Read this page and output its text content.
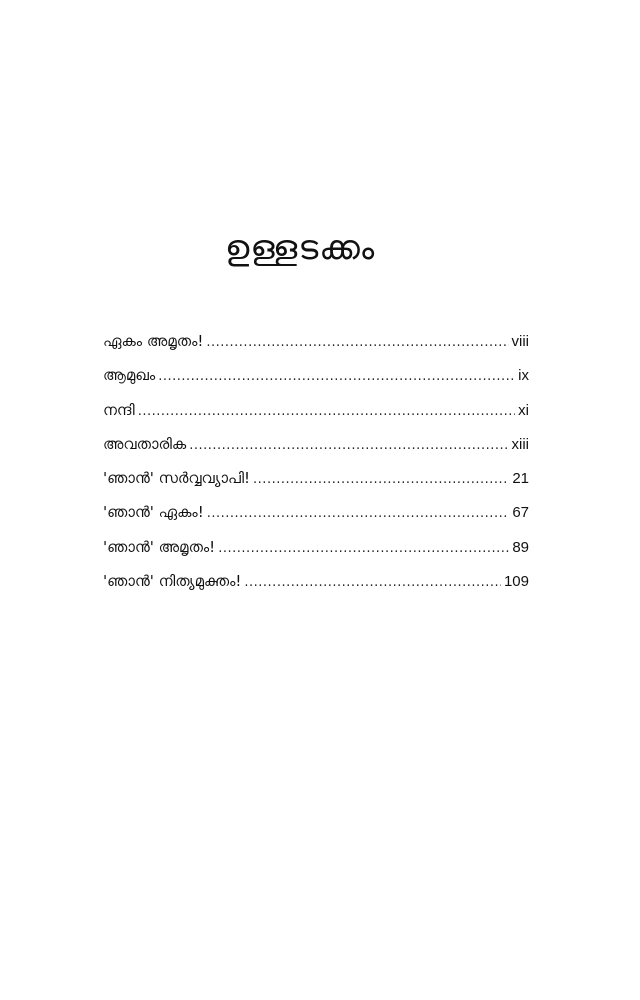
ഉള്ളടക്കം
ഏകം അമൃതം! .....	viii
ആമുഖം .....	ix
നന്ദി .....	xi
അവതാരിക .....	xiii
'ഞാൻ' സർവ്വവ്യാപി! .....	21
'ഞാൻ' ഏകം! .....	67
'ഞാൻ' അമൃതം! .....	89
'ഞാൻ' നിത്യമുക്തം! .....	109
